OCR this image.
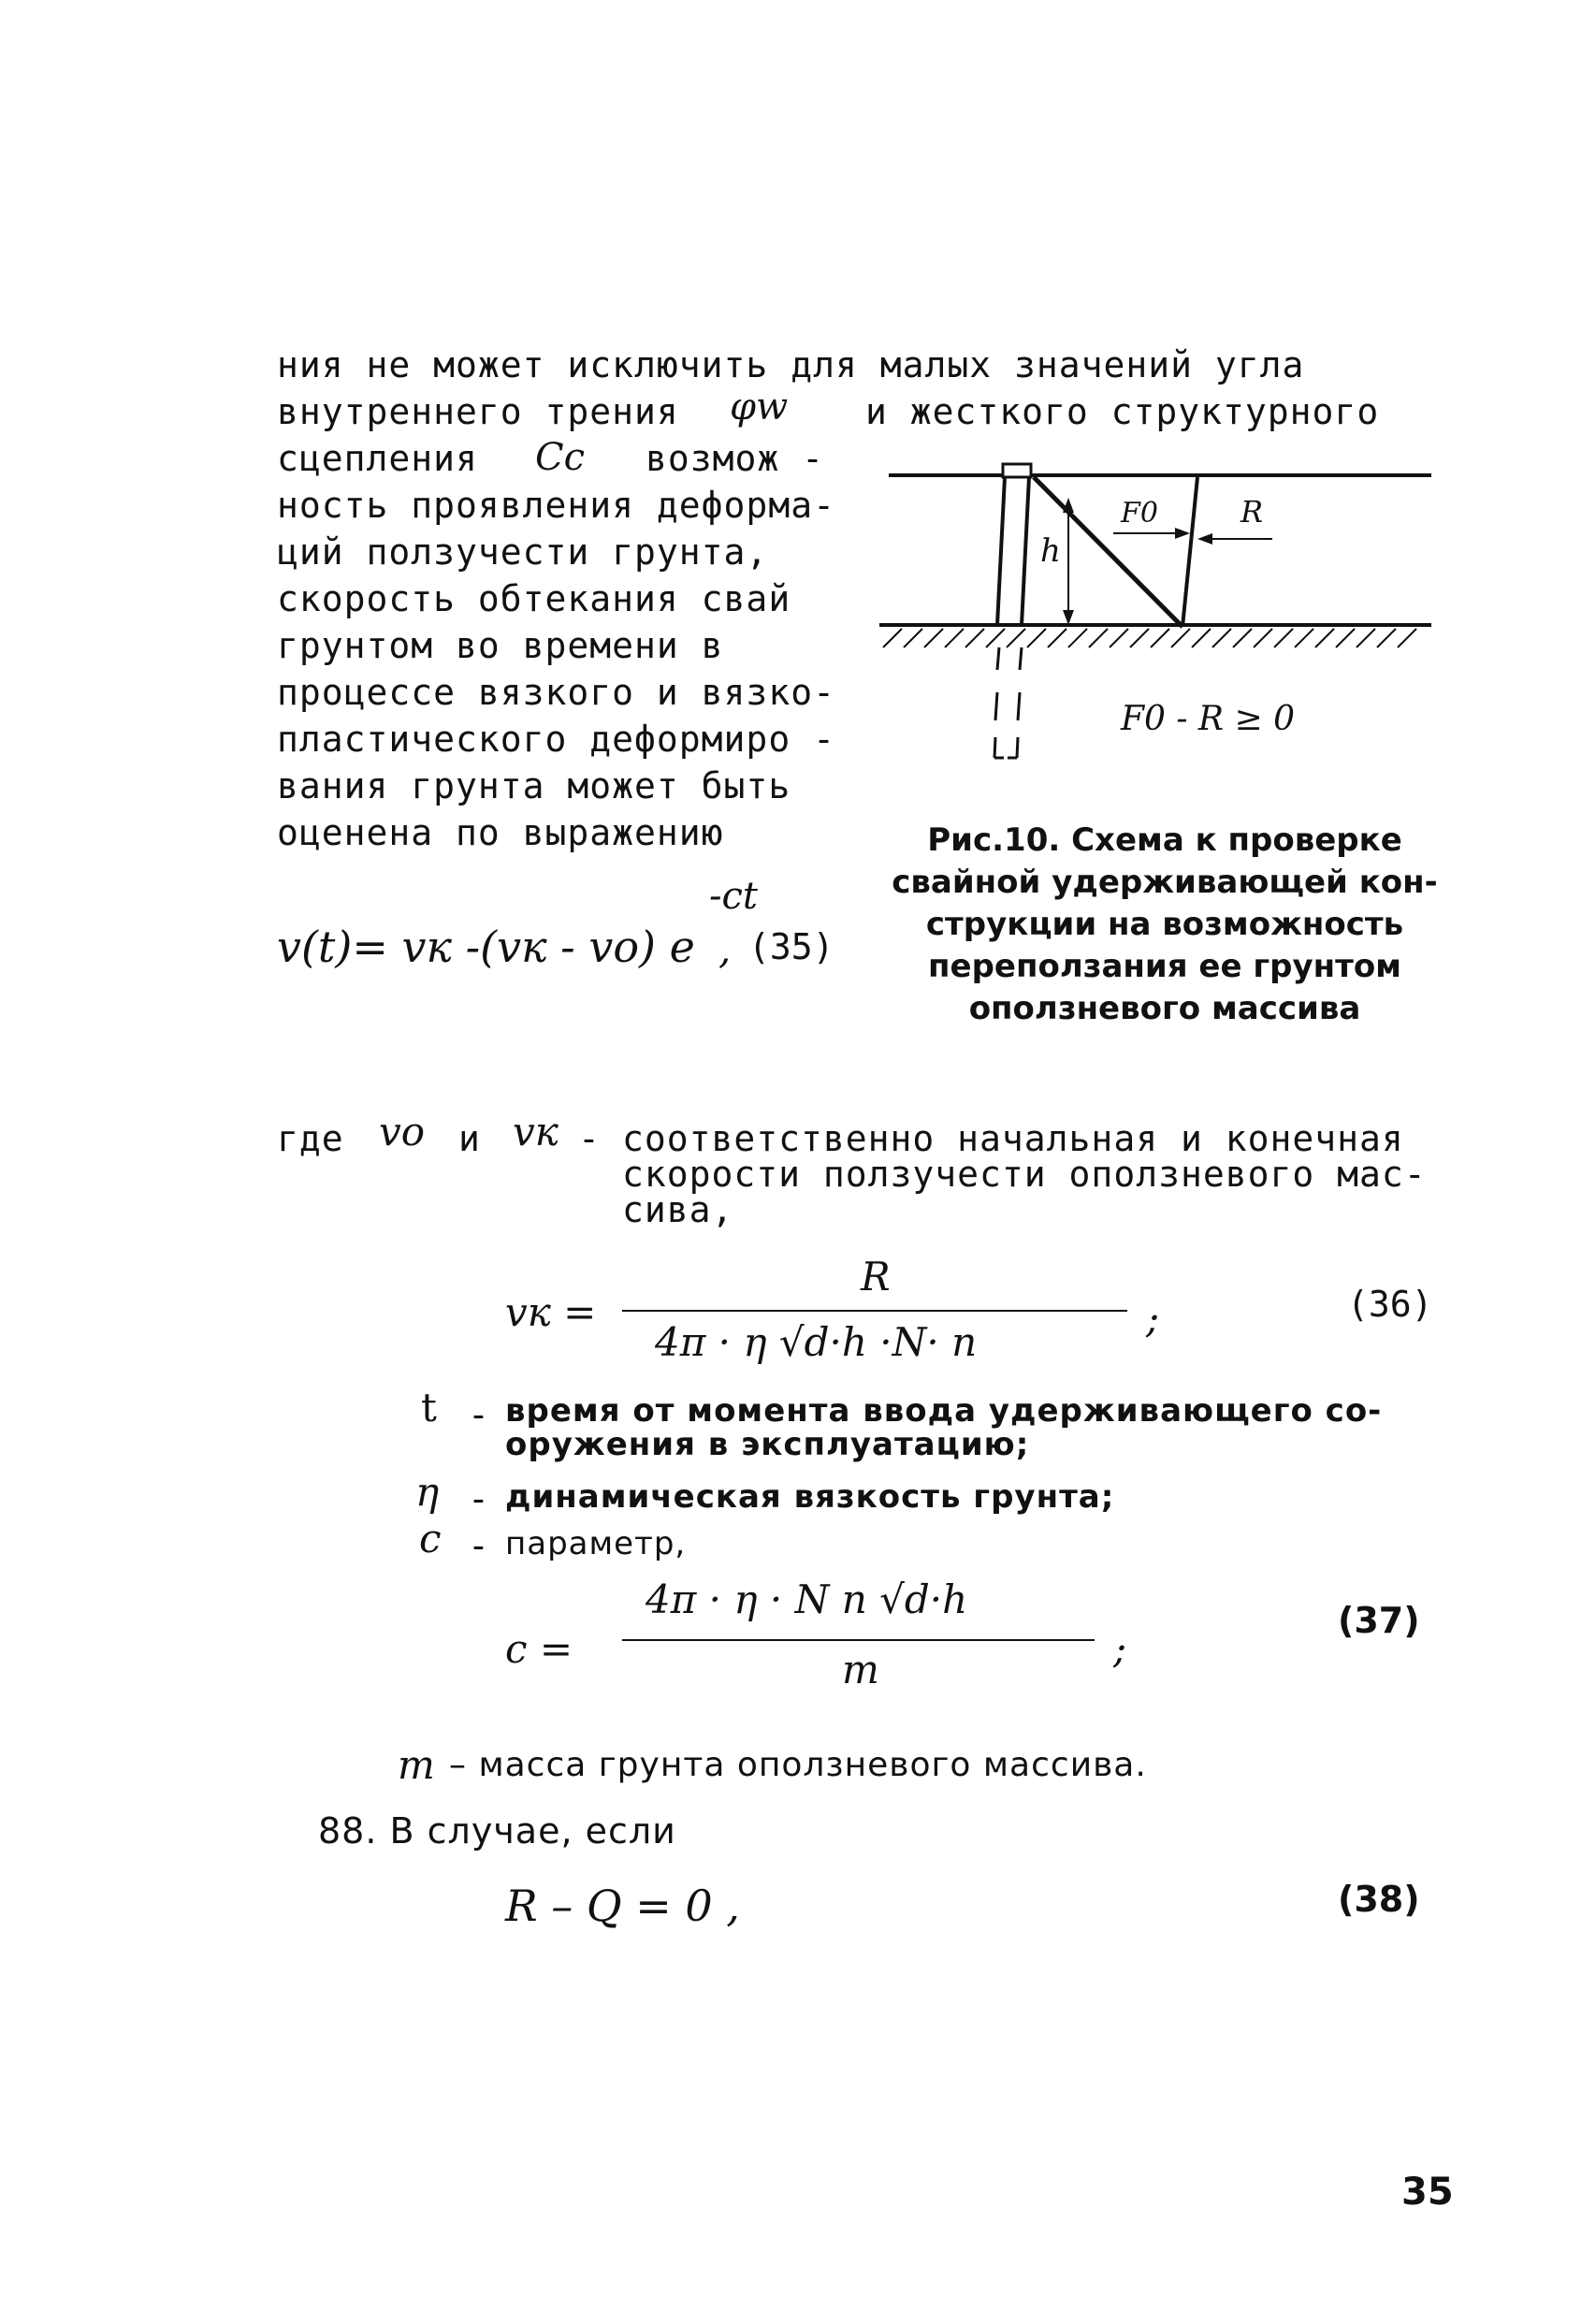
ния не может исключить для малых значений угла
внутреннего трения φw и жесткого структурного
сцепления Cc возмож -
ность проявления деформа-
ций ползучести грунта,
скорость обтекания свай
грунтом во времени в
процессе вязкого и вязко-
пластического деформиро -
вания грунта может быть
оценена по выражению
h
F0	R
F0 - R ≥ 0
Рис.10. Схема к проверке
свайной удерживающей кон-
струкции на возможность
переползания ее грунтом
оползневого массива
v(t)= vк -(vк - vo) e
-ct
, (35)
где vo и vк - соответственно начальная и конечная
скорости ползучести оползневого мас-
сива,
vк =
R
4π · η √d·h ·N· n
;	(36)
t - время от момента ввода удерживающего со-
оружения в эксплуатацию;
η - динамическая вязкость грунта;
c - параметр,
c =
4π · η · N n √d·h
m	;
(37)
m – масса грунта оползневого массива.
88. В случае, если
R – Q = 0 ,	(38)
35
